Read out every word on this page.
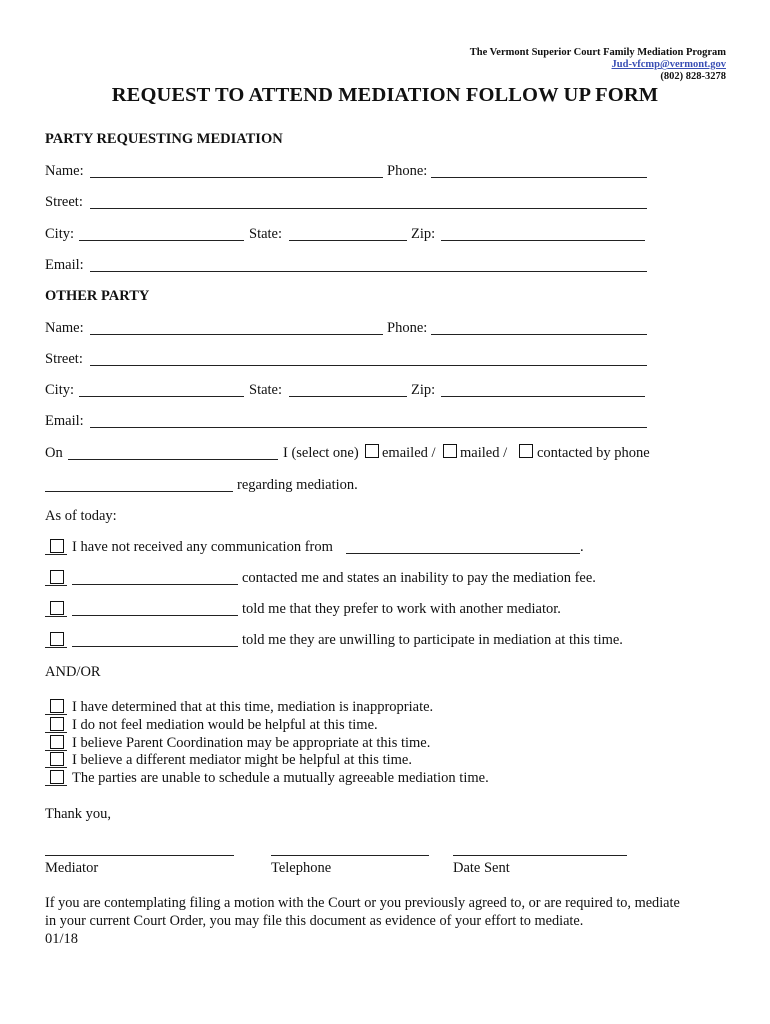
The Vermont Superior Court Family Mediation Program
Jud-vfcmp@vermont.gov
(802) 828-3278
REQUEST TO ATTEND MEDIATION FOLLOW UP FORM
PARTY REQUESTING MEDIATION
Name:	Phone:
Street:
City:	State:	Zip:
Email:
OTHER PARTY
Name:	Phone:
Street:
City:	State:	Zip:
Email:
On	I (select one) emailed / mailed / contacted by phone
regarding mediation.
As of today:
I have not received any communication from	.
contacted me and states an inability to pay the mediation fee.
told me that they prefer to work with another mediator.
told me they are unwilling to participate in mediation at this time.
AND/OR
I have determined that at this time, mediation is inappropriate.
I do not feel mediation would be helpful at this time.
I believe Parent Coordination may be appropriate at this time.
I believe a different mediator might be helpful at this time.
The parties are unable to schedule a mutually agreeable mediation time.
Thank you,
Mediator	Telephone	Date Sent
If you are contemplating filing a motion with the Court or you previously agreed to, or are required to, mediate
in your current Court Order, you may file this document as evidence of your effort to mediate.
01/18
